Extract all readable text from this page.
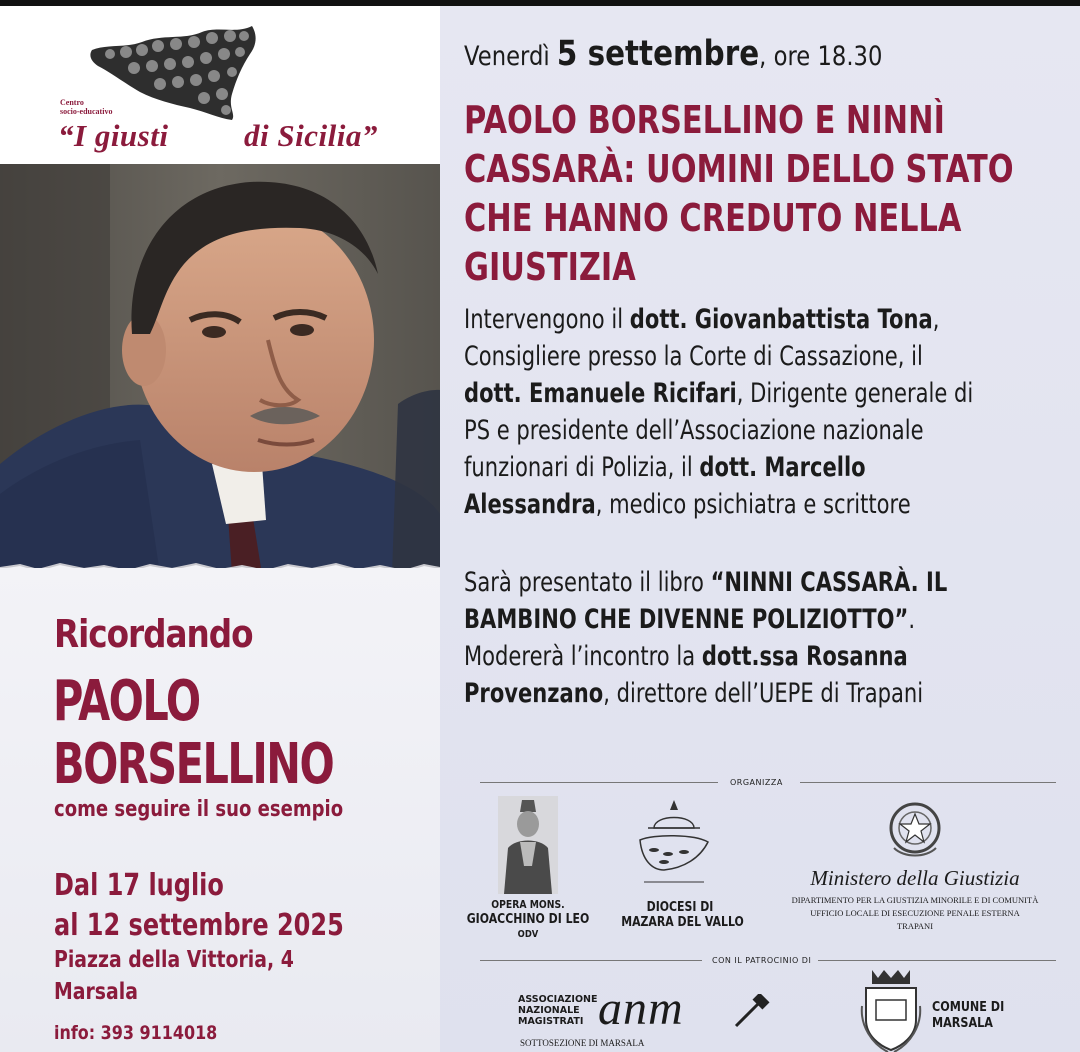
Centro
socio-educativo
“I giusti di Sicilia”
Ricordando
PAOLO
BORSELLINO
come seguire il suo esempio
Dal 17 luglio
al 12 settembre 2025
Piazza della Vittoria, 4
Marsala
info: 393 9114018
Venerdì 5 settembre, ore 18.30
PAOLO BORSELLINO E NINNÌ
CASSARÀ: UOMINI DELLO STATO
CHE HANNO CREDUTO NELLA
GIUSTIZIA
Intervengono il dott. Giovanbattista Tona,
Consigliere presso la Corte di Cassazione, il
dott. Emanuele Ricifari, Dirigente generale di
PS e presidente dell’Associazione nazionale
funzionari di Polizia, il dott. Marcello
Alessandra, medico psichiatra e scrittore
Sarà presentato il libro “NINNI CASSARÀ. IL
BAMBINO CHE DIVENNE POLIZIOTTO”.
Modererà l’incontro la dott.ssa Rosanna
Provenzano, direttore dell’UEPE di Trapani
ORGANIZZA
OPERA MONS.
GIOACCHINO DI LEO
ODV
DIOCESI DI
MAZARA DEL VALLO
Ministero della Giustizia
DIPARTIMENTO PER LA GIUSTIZIA MINORILE E DI COMUNITÀ
UFFICIO LOCALE DI ESECUZIONE PENALE ESTERNA
TRAPANI
CON IL PATROCINIO DI
ASSOCIAZIONE
NAZIONALE
MAGISTRATI anm
SOTTOSEZIONE DI MARSALA
COMUNE DI
MARSALA
